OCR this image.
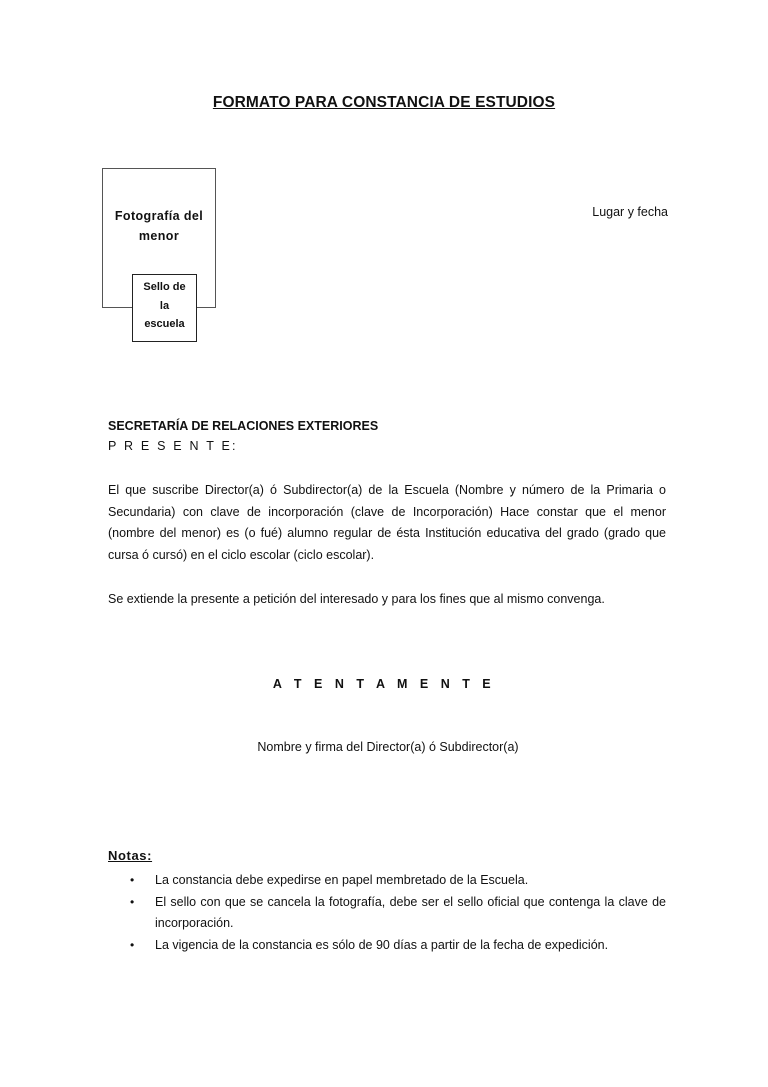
FORMATO PARA CONSTANCIA DE ESTUDIOS
Fotografía del
menor
Sello de
la
escuela
Lugar y fecha
SECRETARÍA DE RELACIONES EXTERIORES
P R E S E N T E:
El que suscribe Director(a) ó Subdirector(a) de la Escuela (Nombre y número de la Primaria o Secundaria) con clave de incorporación (clave de Incorporación) Hace constar que el menor (nombre del menor) es (o fué) alumno regular de ésta Institución educativa del grado (grado que cursa ó cursó) en el ciclo escolar (ciclo escolar).
Se extiende la presente a petición del interesado y para los fines que al mismo convenga.
A T E N T A M E N T E
Nombre y firma del Director(a) ó Subdirector(a)
Notas:
• La constancia debe expedirse en papel membretado de la Escuela.
• El sello con que se cancela la fotografía, debe ser el sello oficial que contenga la clave de incorporación.
• La vigencia de la constancia es sólo de 90 días a partir de la fecha de expedición.
